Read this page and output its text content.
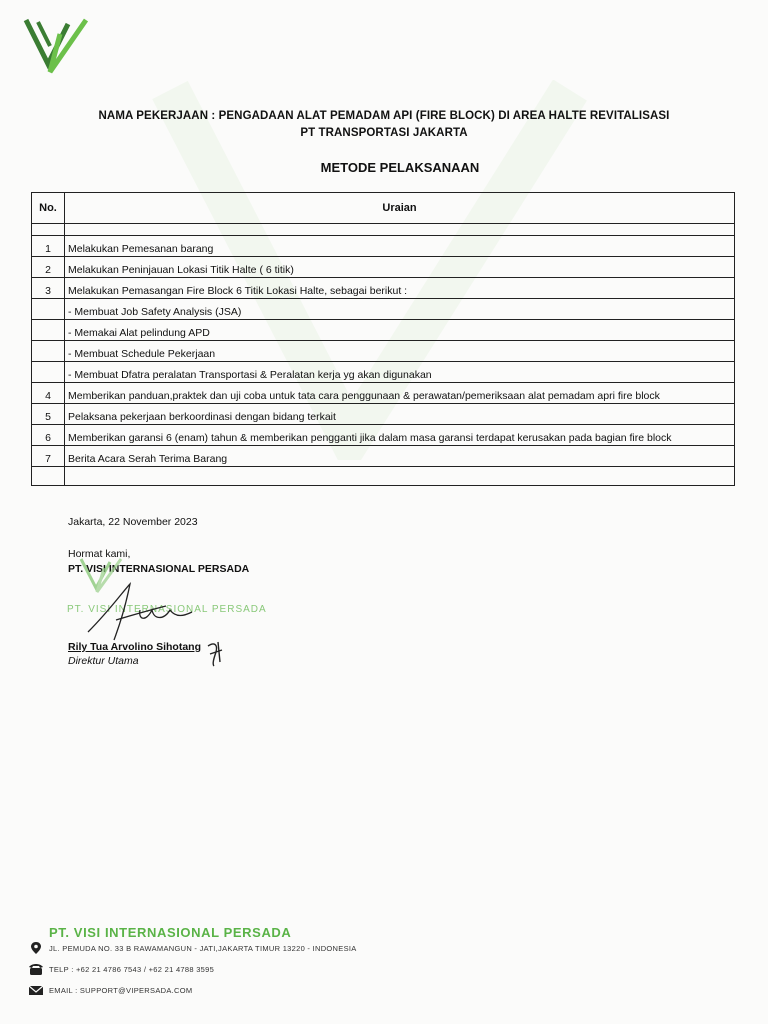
NAMA PEKERJAAN : PENGADAAN ALAT PEMADAM API (FIRE BLOCK) DI AREA HALTE REVITALISASI
PT TRANSPORTASI JAKARTA
METODE PELAKSANAAN
No.	Uraian

1	Melakukan Pemesanan barang
2	Melakukan Peninjauan Lokasi Titik Halte ( 6 titik)
3	Melakukan Pemasangan Fire Block 6 Titik Lokasi Halte, sebagai berikut :
	- Membuat Job Safety Analysis (JSA)
	- Memakai Alat pelindung APD
	- Membuat Schedule Pekerjaan
	- Membuat Dfatra peralatan Transportasi & Peralatan kerja yg akan digunakan
4	Memberikan panduan,praktek dan uji coba untuk tata cara penggunaan & perawatan/pemeriksaan alat pemadam apri fire block
5	Pelaksana pekerjaan berkoordinasi dengan bidang terkait
6	Memberikan garansi 6 (enam) tahun & memberikan pengganti jika dalam masa garansi terdapat kerusakan pada bagian fire block
7	Berita Acara Serah Terima Barang

Jakarta, 22 November 2023
Hormat kami,
PT. VISI INTERNASIONAL PERSADA
PT. VISI INTERNASIONAL PERSADA
Rily Tua Arvolino Sihotang
Direktur Utama
PT. VISI INTERNASIONAL PERSADA
JL. PEMUDA NO. 33 B RAWAMANGUN - JATI,JAKARTA TIMUR 13220 - INDONESIA
TELP : +62 21 4786 7543 / +62 21 4788 3595
EMAIL : SUPPORT@VIPERSADA.COM
